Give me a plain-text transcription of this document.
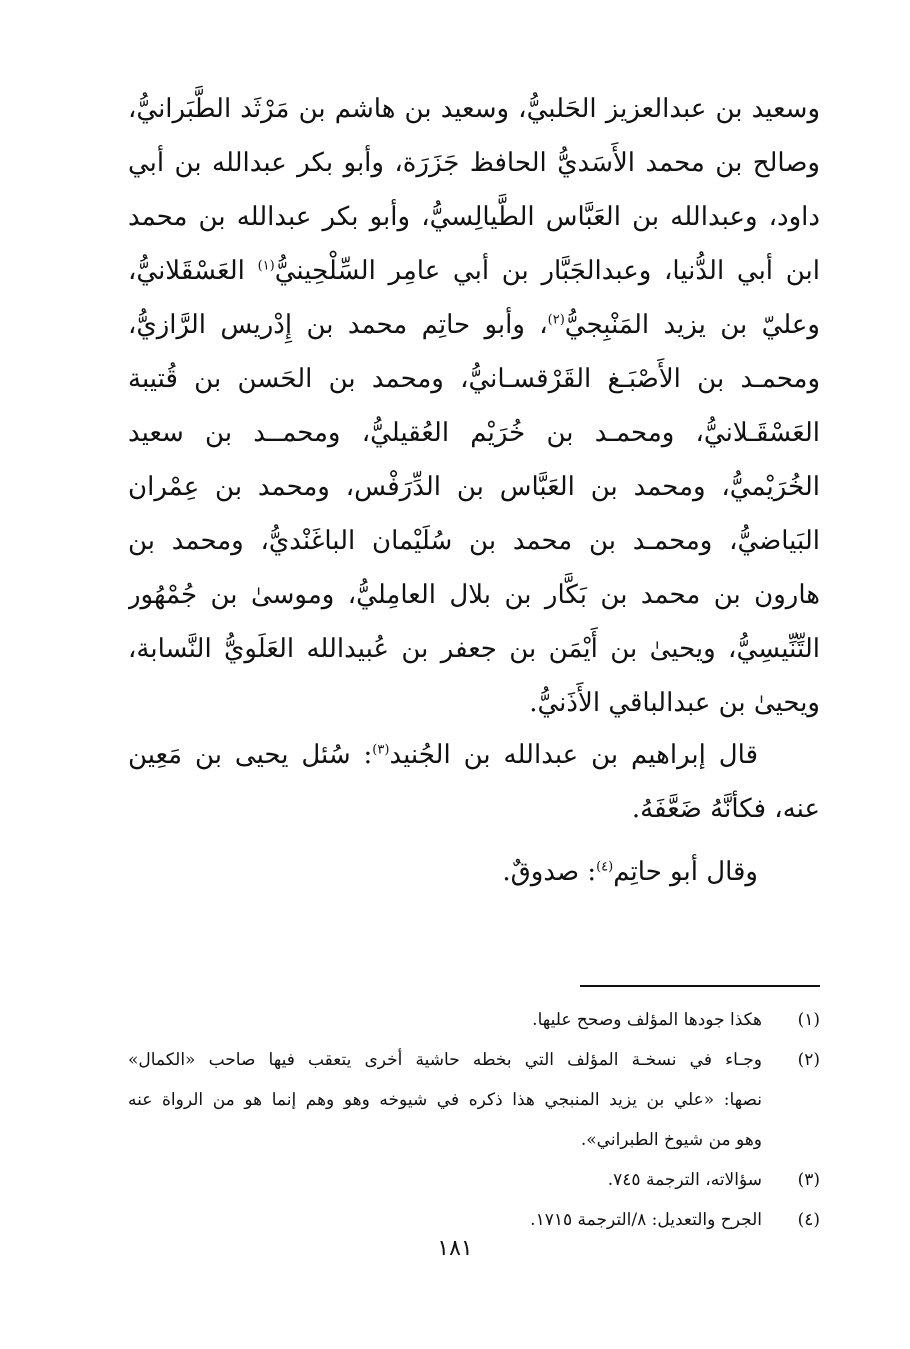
وسعيد بن عبدالعزيز الحَلبيُّ، وسعيد بن هاشم بن مَرْثَد الطَّبَرانيُّ،
وصالح بن محمد الأَسَديُّ الحافظ جَزَرَة، وأبو بكر عبدالله بن أبي
داود، وعبدالله بن العَبَّاس الطَّيالِسيُّ، وأبو بكر عبدالله بن محمد
ابن أبي الدُّنيا، وعبدالجَبَّار بن أبي عامِر السِّلْحِينيُّ$^{(١)}$ العَسْقَلانيُّ،
وعليّ بن يزيد المَنْبِجيُّ$^{(٢)}$، وأبو حاتِم محمد بن إِدْريس الرَّازيُّ،
ومحمـد بن الأَصْبَـغ القَرْقسـانيُّ، ومحمد بن الحَسن بن قُتيبة
العَسْقَـلانيُّ، ومحمـد بن خُرَيْم العُقيليُّ، ومحمــد بن سعيد
الخُرَيْميُّ، ومحمد بن العَبَّاس بن الدِّرَفْس، ومحمد بن عِمْران
البَياضيُّ، ومحمـد بن محمد بن سُلَيْمان الباغَنْديُّ، ومحمد بن
هارون بن محمد بن بَكَّار بن بلال العامِليُّ، وموسىٰ بن جُمْهُور
التِّنِّيسِيُّ، ويحيىٰ بن أَيْمَن بن جعفر بن عُبيدالله العَلَويُّ النَّسابة،
ويحيىٰ بن عبدالباقي الأَذَنيُّ.
قال إبراهيم بن عبدالله بن الجُنيد$^{(٣)}$: سُئل يحيى بن مَعِين
عنه، فكأنَّهُ ضَعَّفَهُ.
وقال أبو حاتِم$^{(٤)}$: صدوقٌ.
(١)
هكذا جودها المؤلف وصحح عليها.
(٢)
وجـاء في نسخـة المؤلف التي بخطه حاشية أخرى يتعقب فيها صاحب «الكمال»
نصها: «علي بن يزيد المنبجي هذا ذكره في شيوخه وهو وهم إنما هو من الرواة عنه
وهو من شيوخ الطبراني».
(٣)
سؤالاته، الترجمة ٧٤٥.
(٤)
الجرح والتعديل: ٨/الترجمة ١٧١٥.
١٨١
